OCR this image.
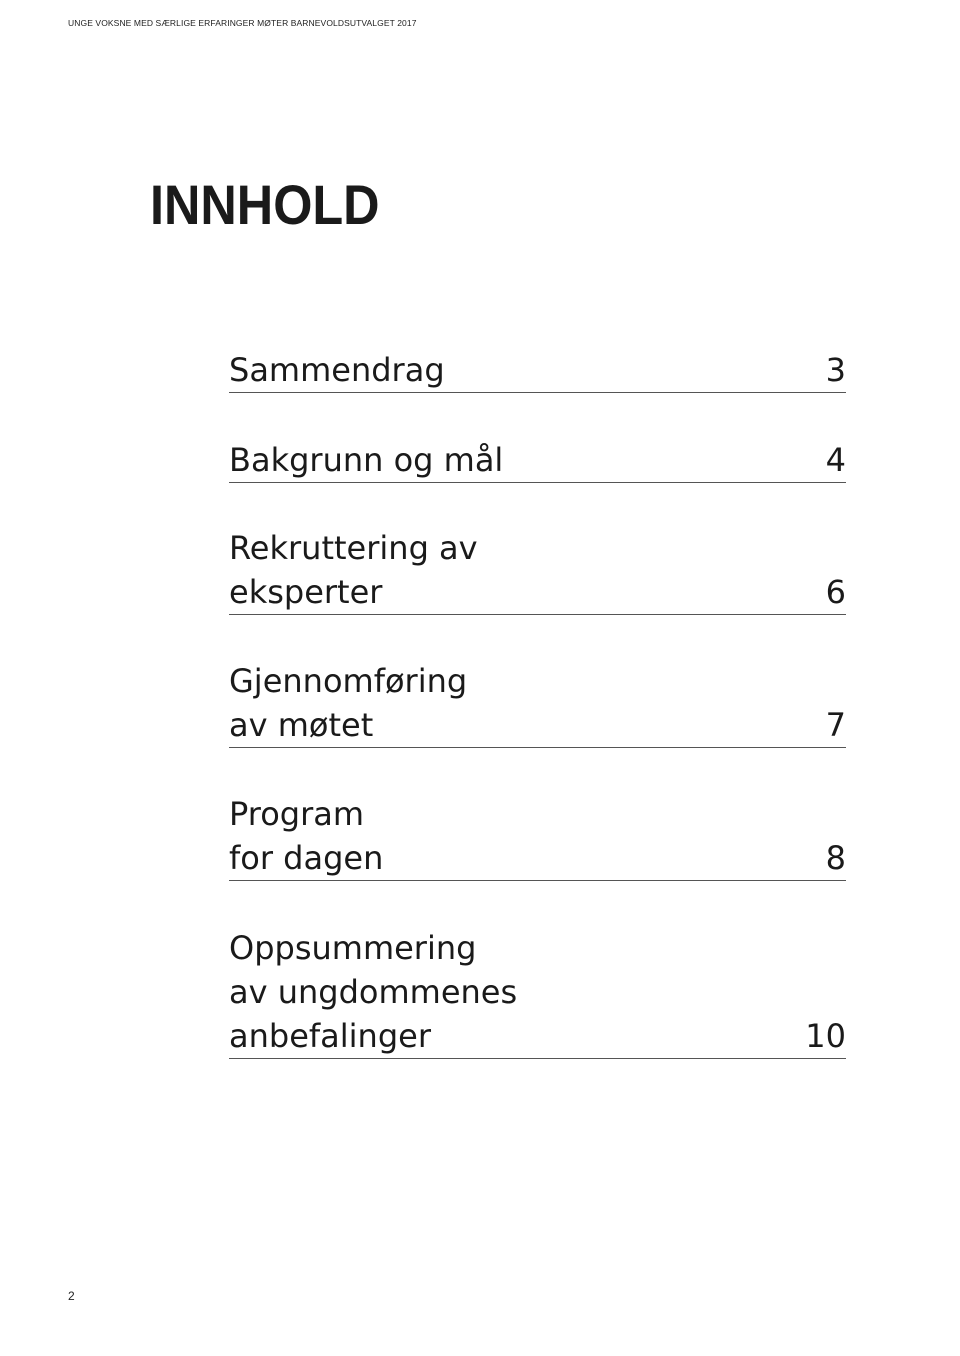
UNGE VOKSNE MED SÆRLIGE ERFARINGER MØTER BARNEVOLDSUTVALGET 2017
INNHOLD
Sammendrag	3
Bakgrunn og mål	4
Rekruttering av
eksperter	6
Gjennomføring
av møtet	7
Program
for dagen	8
Oppsummering
av ungdommenes
anbefalinger	10
2
